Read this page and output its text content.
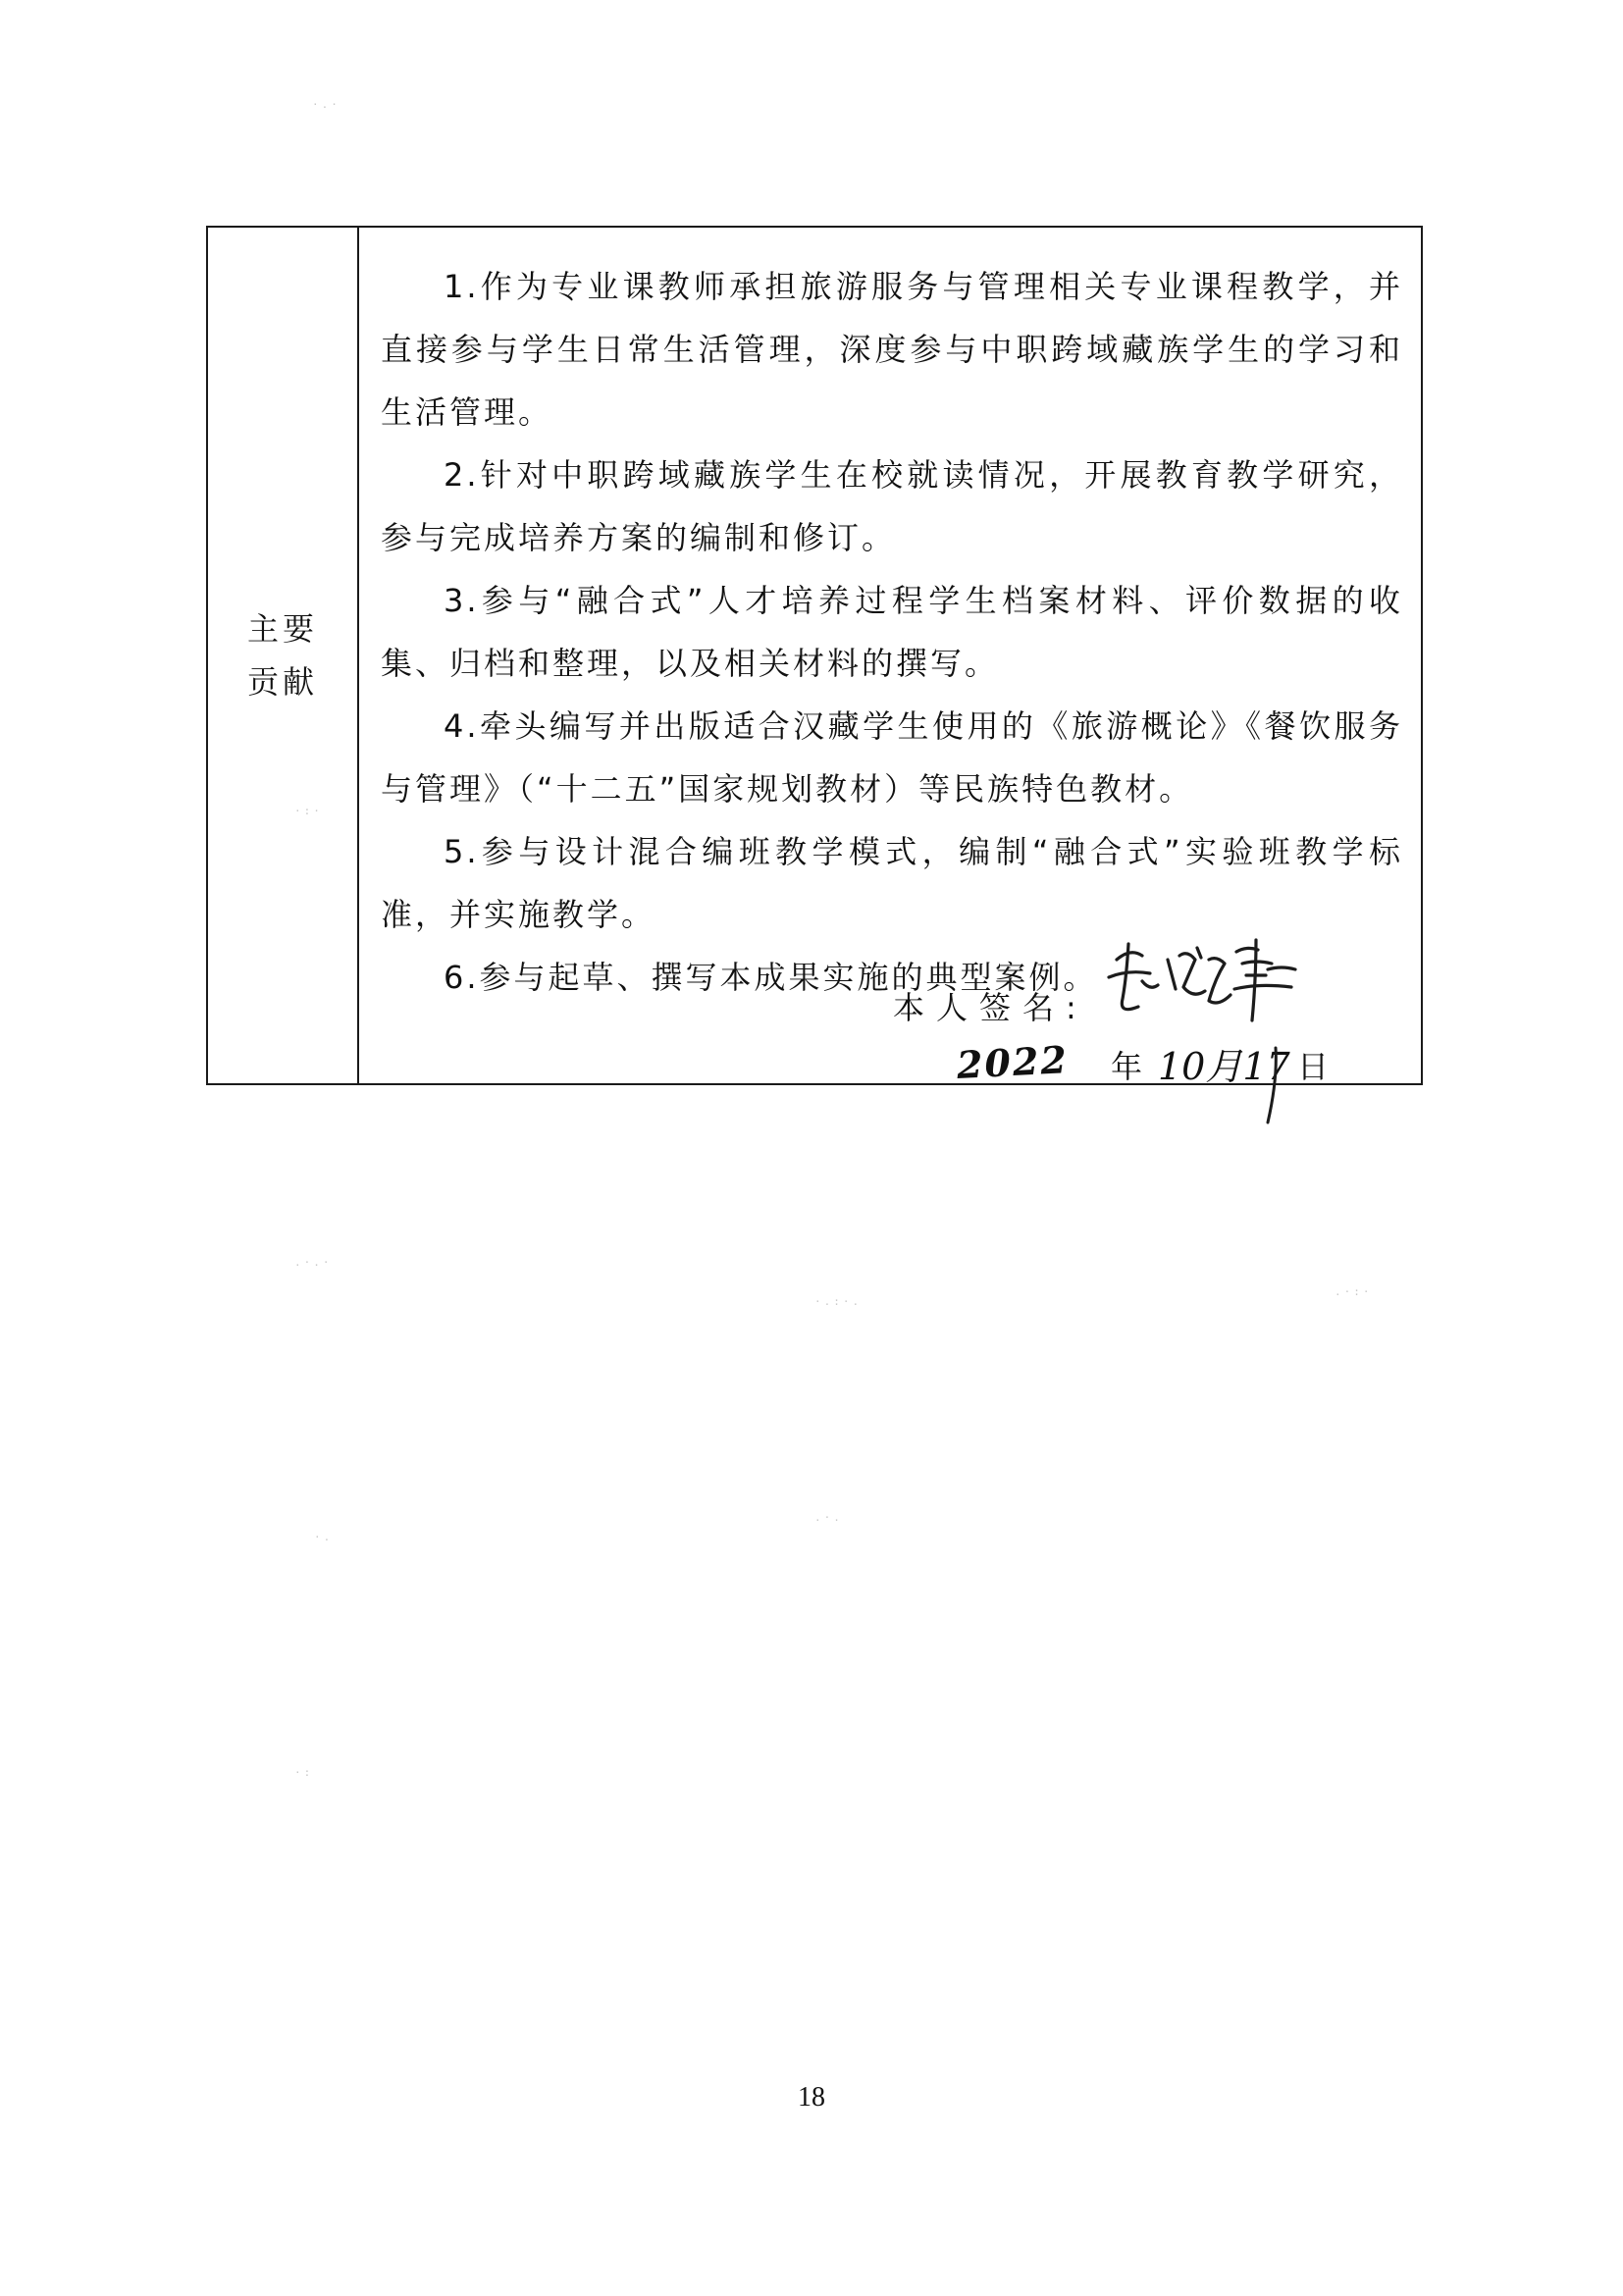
·.·
·:·
.·.·
·.:·.
.·:·
·.
.·.
·:
主要贡献
1.作为专业课教师承担旅游服务与管理相关专业课程教学，并直接参与学生日常生活管理，深度参与中职跨域藏族学生的学习和生活管理。
2.针对中职跨域藏族学生在校就读情况，开展教育教学研究，参与完成培养方案的编制和修订。
3.参与“融合式”人才培养过程学生档案材料、评价数据的收集、归档和整理，以及相关材料的撰写。
4.牵头编写并出版适合汉藏学生使用的《旅游概论》《餐饮服务与管理》（“十二五”国家规划教材）等民族特色教材。
5.参与设计混合编班教学模式，编制“融合式”实验班教学标准，并实施教学。
6.参与起草、撰写本成果实施的典型案例。
本人签名:
2022 年 10月17 日
18
